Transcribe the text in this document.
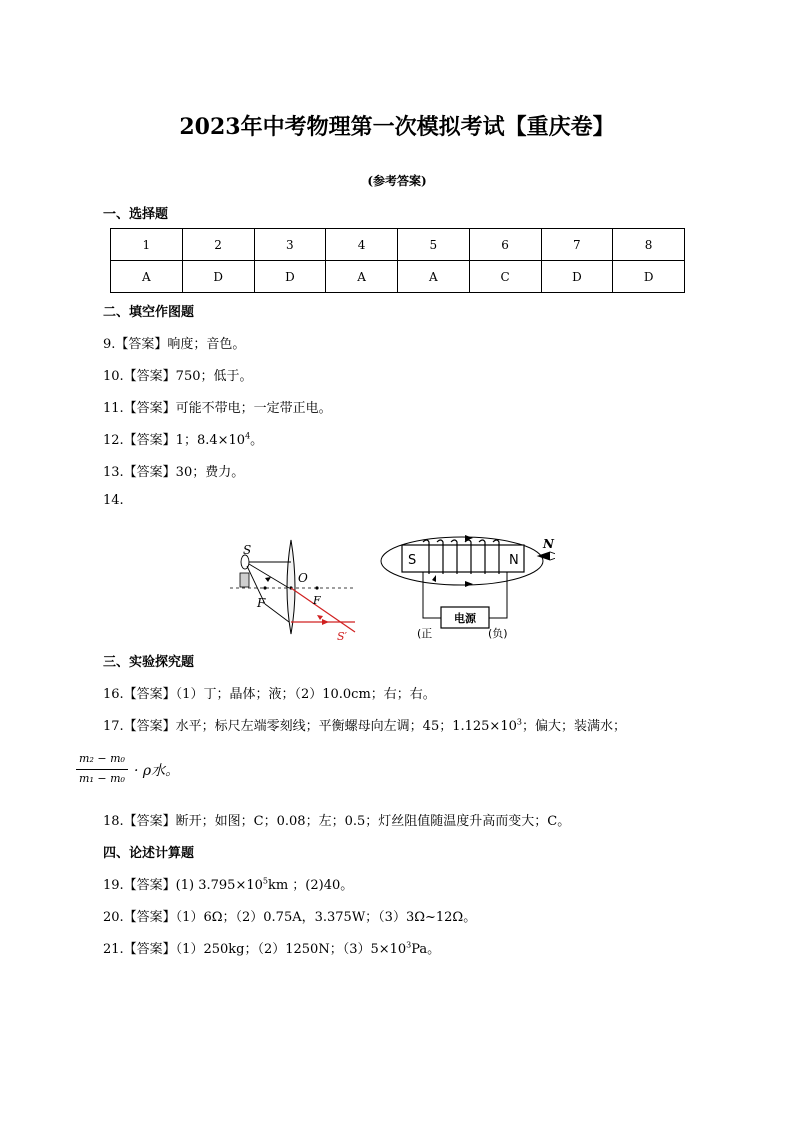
2023年中考物理第一次模拟考试【重庆卷】
(参考答案)
一、选择题
1	2	3	4	5	6	7	8
A	D	D	A	A	C	D	D
二、填空作图题
9.【答案】响度；音色。
10.【答案】750；低于。
11.【答案】可能不带电；一定带正电。
12.【答案】1；$8.4\times 10^4$。
13.【答案】30；费力。
14.
S
O
F	F
S′
S	N
电源
(正	(负)
N
三、实验探究题
16.【答案】（1）丁；晶体；液；（2）10.0cm；右；右。
17.【答案】水平；标尺左端零刻线；平衡螺母向左调；45；$1.125\times 10^3$；偏大；装满水；
m₂ − m₀
m₁ − m₀ · ρ水。
18.【答案】断开；如图；C；0.08；左；0.5；灯丝阻值随温度升高而变大；C。
四、论述计算题
19.【答案】(1) $3.795\times 10^5km$ ；(2)40。
20.【答案】（1）6Ω；（2）0.75A，3.375W；（3）3Ω~12Ω。
21.【答案】（1）250kg；（2）1250N；$(3)5\times 10^3Pa$。
